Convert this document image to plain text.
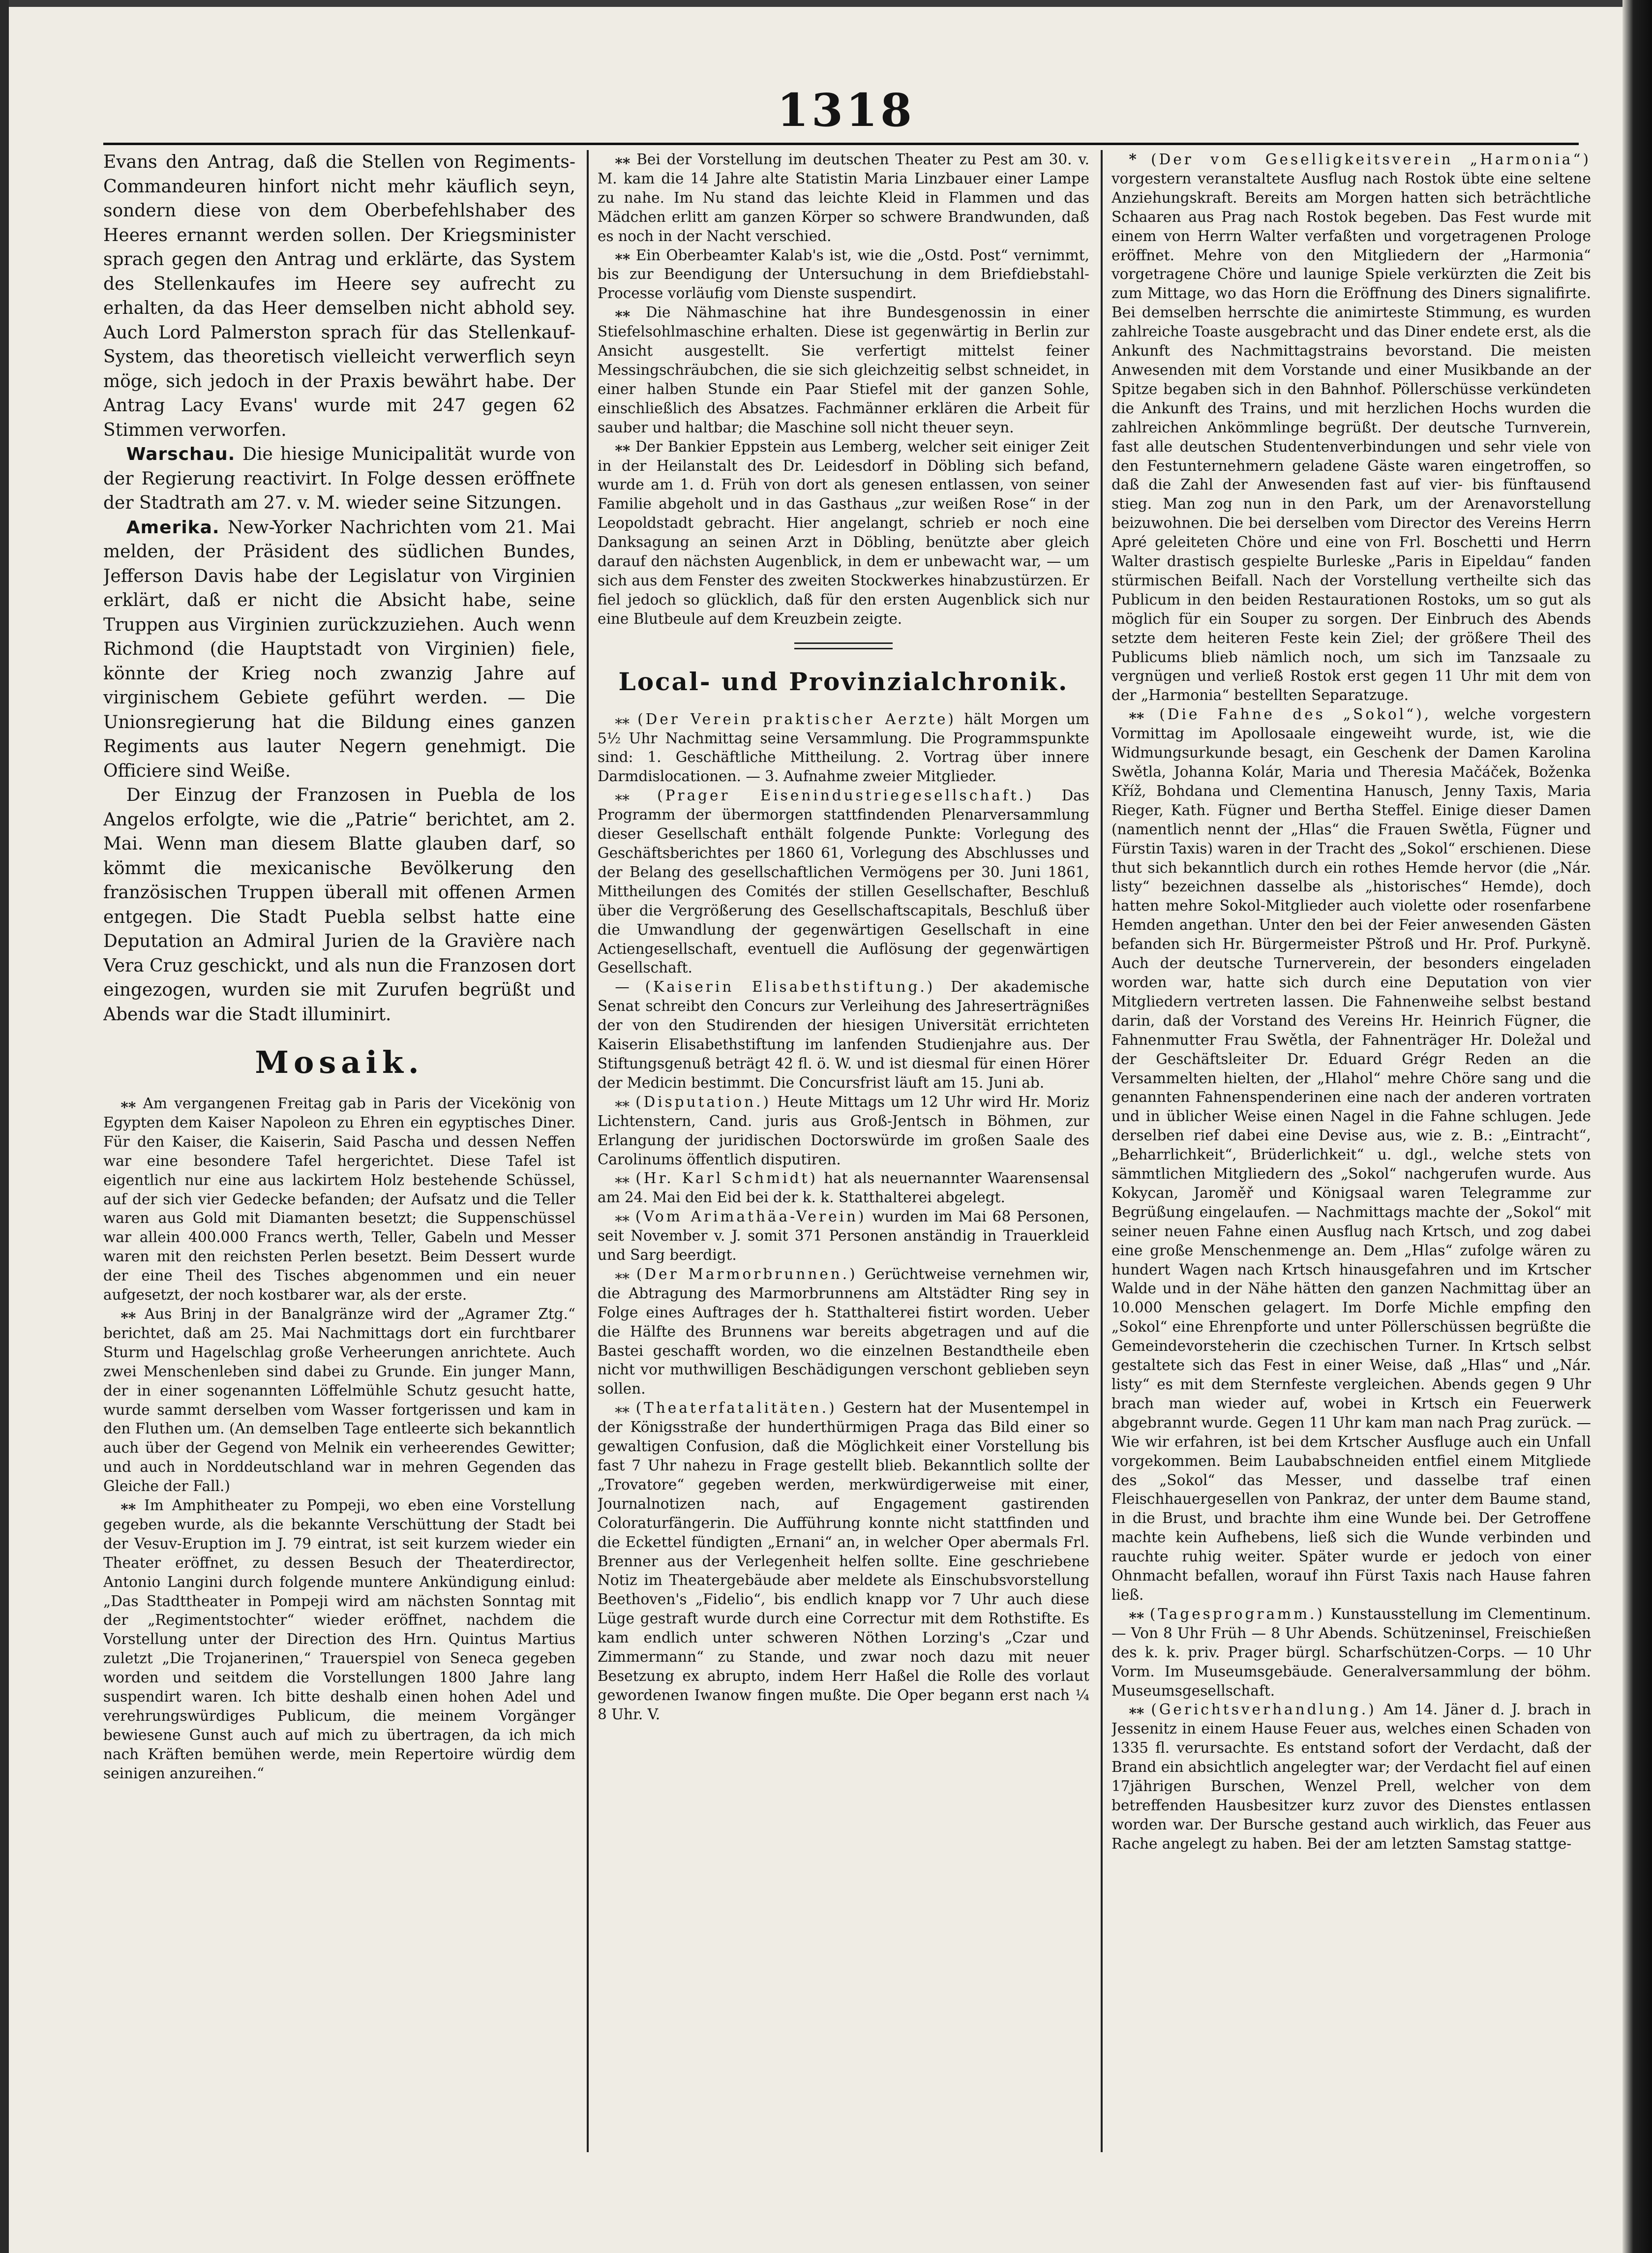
1318

Evans den Antrag, daß die Stellen von Regiments-Commandeuren hinfort nicht mehr käuflich seyn, sondern diese von dem Oberbefehlshaber des Heeres ernannt werden sollen. Der Kriegsminister sprach gegen den Antrag und erklärte, das System des Stellenkaufes im Heere sey aufrecht zu erhalten, da das Heer demselben nicht abhold sey. Auch Lord Palmerston sprach für das Stellenkauf-System, das theoretisch vielleicht verwerflich seyn möge, sich jedoch in der Praxis bewährt habe. Der Antrag Lacy Evans' wurde mit 247 gegen 62 Stimmen verworfen.

Warschau. Die hiesige Municipalität wurde von der Regierung reactivirt. In Folge dessen eröffnete der Stadtrath am 27. v. M. wieder seine Sitzungen.

Amerika. New-Yorker Nachrichten vom 21. Mai melden, der Präsident des südlichen Bundes, Jefferson Davis habe der Legislatur von Virginien erklärt, daß er nicht die Absicht habe, seine Truppen aus Virginien zurückzuziehen. Auch wenn Richmond (die Hauptstadt von Virginien) fiele, könnte der Krieg noch zwanzig Jahre auf virginischem Gebiete geführt werden. — Die Unionsregierung hat die Bildung eines ganzen Regiments aus lauter Negern genehmigt. Die Officiere sind Weiße.

Der Einzug der Franzosen in Puebla de los Angelos erfolgte, wie die „Patrie“ berichtet, am 2. Mai. Wenn man diesem Blatte glauben darf, so kömmt die mexicanische Bevölkerung den französischen Truppen überall mit offenen Armen entgegen. Die Stadt Puebla selbst hatte eine Deputation an Admiral Jurien de la Gravière nach Vera Cruz geschickt, und als nun die Franzosen dort eingezogen, wurden sie mit Zurufen begrüßt und Abends war die Stadt illuminirt.

Mosaik.

⁎⁎ Am vergangenen Freitag gab in Paris der Vicekönig von Egypten dem Kaiser Napoleon zu Ehren ein egyptisches Diner. Für den Kaiser, die Kaiserin, Said Pascha und dessen Neffen war eine besondere Tafel hergerichtet. Diese Tafel ist eigentlich nur eine aus lackirtem Holz bestehende Schüssel, auf der sich vier Gedecke befanden; der Aufsatz und die Teller waren aus Gold mit Diamanten besetzt; die Suppenschüssel war allein 400.000 Francs werth, Teller, Gabeln und Messer waren mit den reichsten Perlen besetzt. Beim Dessert wurde der eine Theil des Tisches abgenommen und ein neuer aufgesetzt, der noch kostbarer war, als der erste.

⁎⁎ Aus Brinj in der Banalgränze wird der „Agramer Ztg.“ berichtet, daß am 25. Mai Nachmittags dort ein furchtbarer Sturm und Hagelschlag große Verheerungen anrichtete. Auch zwei Menschenleben sind dabei zu Grunde. Ein junger Mann, der in einer sogenannten Löffelmühle Schutz gesucht hatte, wurde sammt derselben vom Wasser fortgerissen und kam in den Fluthen um. (An demselben Tage entleerte sich bekanntlich auch über der Gegend von Melnik ein verheerendes Gewitter; und auch in Norddeutschland war in mehren Gegenden das Gleiche der Fall.)

⁎⁎ Im Amphitheater zu Pompeji, wo eben eine Vorstellung gegeben wurde, als die bekannte Verschüttung der Stadt bei der Vesuv-Eruption im J. 79 eintrat, ist seit kurzem wieder ein Theater eröffnet, zu dessen Besuch der Theaterdirector, Antonio Langini durch folgende muntere Ankündigung einlud: „Das Stadttheater in Pompeji wird am nächsten Sonntag mit der „Regimentstochter“ wieder eröffnet, nachdem die Vorstellung unter der Direction des Hrn. Quintus Martius zuletzt „Die Trojanerinen,“ Trauerspiel von Seneca gegeben worden und seitdem die Vorstellungen 1800 Jahre lang suspendirt waren. Ich bitte deshalb einen hohen Adel und verehrungswürdiges Publicum, die meinem Vorgänger bewiesene Gunst auch auf mich zu übertragen, da ich mich nach Kräften bemühen werde, mein Repertoire würdig dem seinigen anzureihen.“

⁎⁎ Bei der Vorstellung im deutschen Theater zu Pest am 30. v. M. kam die 14 Jahre alte Statistin Maria Linzbauer einer Lampe zu nahe. Im Nu stand das leichte Kleid in Flammen und das Mädchen erlitt am ganzen Körper so schwere Brandwunden, daß es noch in der Nacht verschied.

⁎⁎ Ein Oberbeamter Kalab's ist, wie die „Ostd. Post“ vernimmt, bis zur Beendigung der Untersuchung in dem Briefdiebstahl-Processe vorläufig vom Dienste suspendirt.

⁎⁎ Die Nähmaschine hat ihre Bundesgenossin in einer Stiefelsohlmaschine erhalten. Diese ist gegenwärtig in Berlin zur Ansicht ausgestellt. Sie verfertigt mittelst feiner Messingschräubchen, die sie sich gleichzeitig selbst schneidet, in einer halben Stunde ein Paar Stiefel mit der ganzen Sohle, einschließlich des Absatzes. Fachmänner erklären die Arbeit für sauber und haltbar; die Maschine soll nicht theuer seyn.

⁎⁎ Der Bankier Eppstein aus Lemberg, welcher seit einiger Zeit in der Heilanstalt des Dr. Leidesdorf in Döbling sich befand, wurde am 1. d. Früh von dort als genesen entlassen, von seiner Familie abgeholt und in das Gasthaus „zur weißen Rose“ in der Leopoldstadt gebracht. Hier angelangt, schrieb er noch eine Danksagung an seinen Arzt in Döbling, benützte aber gleich darauf den nächsten Augenblick, in dem er unbewacht war, — um sich aus dem Fenster des zweiten Stockwerkes hinabzustürzen. Er fiel jedoch so glücklich, daß für den ersten Augenblick sich nur eine Blutbeule auf dem Kreuzbein zeigte.

Local- und Provinzialchronik.

⁎⁎ (Der Verein praktischer Aerzte) hält Morgen um 5½ Uhr Nachmittag seine Versammlung. Die Programmspunkte sind: 1. Geschäftliche Mittheilung. 2. Vortrag über innere Darmdislocationen. — 3. Aufnahme zweier Mitglieder.

⁎⁎ (Prager Eisenindustriegesellschaft.) Das Programm der übermorgen stattfindenden Plenarversammlung dieser Gesellschaft enthält folgende Punkte: Vorlegung des Geschäftsberichtes per 1860 61, Vorlegung des Abschlusses und der Belang des gesellschaftlichen Vermögens per 30. Juni 1861, Mittheilungen des Comités der stillen Gesellschafter, Beschluß über die Vergrößerung des Gesellschaftscapitals, Beschluß über die Umwandlung der gegenwärtigen Gesellschaft in eine Actiengesellschaft, eventuell die Auflösung der gegenwärtigen Gesellschaft.

— (Kaiserin Elisabethstiftung.) Der akademische Senat schreibt den Concurs zur Verleihung des Jahreserträgnißes der von den Studirenden der hiesigen Universität errichteten Kaiserin Elisabethstiftung im lanfenden Studienjahre aus. Der Stiftungsgenuß beträgt 42 fl. ö. W. und ist diesmal für einen Hörer der Medicin bestimmt. Die Concursfrist läuft am 15. Juni ab.

⁎⁎ (Disputation.) Heute Mittags um 12 Uhr wird Hr. Moriz Lichtenstern, Cand. juris aus Groß-Jentsch in Böhmen, zur Erlangung der juridischen Doctorswürde im großen Saale des Carolinums öffentlich disputiren.

⁎⁎ (Hr. Karl Schmidt) hat als neuernannter Waarensensal am 24. Mai den Eid bei der k. k. Statthalterei abgelegt.

⁎⁎ (Vom Arimathäa-Verein) wurden im Mai 68 Personen, seit November v. J. somit 371 Personen anständig in Trauerkleid und Sarg beerdigt.

⁎⁎ (Der Marmorbrunnen.) Gerüchtweise vernehmen wir, die Abtragung des Marmorbrunnens am Altstädter Ring sey in Folge eines Auftrages der h. Statthalterei fistirt worden. Ueber die Hälfte des Brunnens war bereits abgetragen und auf die Bastei geschafft worden, wo die einzelnen Bestandtheile eben nicht vor muthwilligen Beschädigungen verschont geblieben seyn sollen.

⁎⁎ (Theaterfatalitäten.) Gestern hat der Musentempel in der Königsstraße der hunderthürmigen Praga das Bild einer so gewaltigen Confusion, daß die Möglichkeit einer Vorstellung bis fast 7 Uhr nahezu in Frage gestellt blieb. Bekanntlich sollte der „Trovatore“ gegeben werden, merkwürdigerweise mit einer, Journalnotizen nach, auf Engagement gastirenden Coloraturfängerin. Die Aufführung konnte nicht stattfinden und die Eckettel fündigten „Ernani“ an, in welcher Oper abermals Frl. Brenner aus der Verlegenheit helfen sollte. Eine geschriebene Notiz im Theatergebäude aber meldete als Einschubsvorstellung Beethoven's „Fidelio“, bis endlich knapp vor 7 Uhr auch diese Lüge gestraft wurde durch eine Correctur mit dem Rothstifte. Es kam endlich unter schweren Nöthen Lorzing's „Czar und Zimmermann“ zu Stande, und zwar noch dazu mit neuer Besetzung ex abrupto, indem Herr Haßel die Rolle des vorlaut gewordenen Iwanow fingen mußte. Die Oper begann erst nach ¼ 8 Uhr. V.

* (Der vom Geselligkeitsverein „Harmonia“) vorgestern veranstaltete Ausflug nach Rostok übte eine seltene Anziehungskraft. Bereits am Morgen hatten sich beträchtliche Schaaren aus Prag nach Rostok begeben. Das Fest wurde mit einem von Herrn Walter verfaßten und vorgetragenen Prologe eröffnet. Mehre von den Mitgliedern der „Harmonia“ vorgetragene Chöre und launige Spiele verkürzten die Zeit bis zum Mittage, wo das Horn die Eröffnung des Diners signalifirte. Bei demselben herrschte die animirteste Stimmung, es wurden zahlreiche Toaste ausgebracht und das Diner endete erst, als die Ankunft des Nachmittagstrains bevorstand. Die meisten Anwesenden mit dem Vorstande und einer Musikbande an der Spitze begaben sich in den Bahnhof. Pöllerschüsse verkündeten die Ankunft des Trains, und mit herzlichen Hochs wurden die zahlreichen Ankömmlinge begrüßt. Der deutsche Turnverein, fast alle deutschen Studentenverbindungen und sehr viele von den Festunternehmern geladene Gäste waren eingetroffen, so daß die Zahl der Anwesenden fast auf vier- bis fünftausend stieg. Man zog nun in den Park, um der Arenavorstellung beizuwohnen. Die bei derselben vom Director des Vereins Herrn Apré geleiteten Chöre und eine von Frl. Boschetti und Herrn Walter drastisch gespielte Burleske „Paris in Eipeldau“ fanden stürmischen Beifall. Nach der Vorstellung vertheilte sich das Publicum in den beiden Restaurationen Rostoks, um so gut als möglich für ein Souper zu sorgen. Der Einbruch des Abends setzte dem heiteren Feste kein Ziel; der größere Theil des Publicums blieb nämlich noch, um sich im Tanzsaale zu vergnügen und verließ Rostok erst gegen 11 Uhr mit dem von der „Harmonia“ bestellten Separatzuge.

⁎⁎ (Die Fahne des „Sokol“), welche vorgestern Vormittag im Apollosaale eingeweiht wurde, ist, wie die Widmungsurkunde besagt, ein Geschenk der Damen Karolina Swětla, Johanna Kolár, Maria und Theresia Mačáček, Boženka Kříž, Bohdana und Clementina Hanusch, Jenny Taxis, Maria Rieger, Kath. Fügner und Bertha Steffel. Einige dieser Damen (namentlich nennt der „Hlas“ die Frauen Swětla, Fügner und Fürstin Taxis) waren in der Tracht des „Sokol“ erschienen. Diese thut sich bekanntlich durch ein rothes Hemde hervor (die „Nár. listy“ bezeichnen dasselbe als „historisches“ Hemde), doch hatten mehre Sokol-Mitglieder auch violette oder rosenfarbene Hemden angethan. Unter den bei der Feier anwesenden Gästen befanden sich Hr. Bürgermeister Pštroß und Hr. Prof. Purkyně. Auch der deutsche Turnerverein, der besonders eingeladen worden war, hatte sich durch eine Deputation von vier Mitgliedern vertreten lassen. Die Fahnenweihe selbst bestand darin, daß der Vorstand des Vereins Hr. Heinrich Fügner, die Fahnenmutter Frau Swětla, der Fahnenträger Hr. Doležal und der Geschäftsleiter Dr. Eduard Grégr Reden an die Versammelten hielten, der „Hlahol“ mehre Chöre sang und die genannten Fahnenspenderinen eine nach der anderen vortraten und in üblicher Weise einen Nagel in die Fahne schlugen. Jede derselben rief dabei eine Devise aus, wie z. B.: „Eintracht“, „Beharrlichkeit“, Brüderlichkeit“ u. dgl., welche stets von sämmtlichen Mitgliedern des „Sokol“ nachgerufen wurde. Aus Kokycan, Jaroměř und Königsaal waren Telegramme zur Begrüßung eingelaufen. — Nachmittags machte der „Sokol“ mit seiner neuen Fahne einen Ausflug nach Krtsch, und zog dabei eine große Menschenmenge an. Dem „Hlas“ zufolge wären zu hundert Wagen nach Krtsch hinausgefahren und im Krtscher Walde und in der Nähe hätten den ganzen Nachmittag über an 10.000 Menschen gelagert. Im Dorfe Michle empfing den „Sokol“ eine Ehrenpforte und unter Pöllerschüssen begrüßte die Gemeindevorsteherin die czechischen Turner. In Krtsch selbst gestaltete sich das Fest in einer Weise, daß „Hlas“ und „Nár. listy“ es mit dem Sternfeste vergleichen. Abends gegen 9 Uhr brach man wieder auf, wobei in Krtsch ein Feuerwerk abgebrannt wurde. Gegen 11 Uhr kam man nach Prag zurück. — Wie wir erfahren, ist bei dem Krtscher Ausfluge auch ein Unfall vorgekommen. Beim Laubabschneiden entfiel einem Mitgliede des „Sokol“ das Messer, und dasselbe traf einen Fleischhauergesellen von Pankraz, der unter dem Baume stand, in die Brust, und brachte ihm eine Wunde bei. Der Getroffene machte kein Aufhebens, ließ sich die Wunde verbinden und rauchte ruhig weiter. Später wurde er jedoch von einer Ohnmacht befallen, worauf ihn Fürst Taxis nach Hause fahren ließ.

⁎⁎ (Tagesprogramm.) Kunstausstellung im Clementinum. — Von 8 Uhr Früh — 8 Uhr Abends. Schützeninsel, Freischießen des k. k. priv. Prager bürgl. Scharfschützen-Corps. — 10 Uhr Vorm. Im Museumsgebäude. Generalversammlung der böhm. Museumsgesellschaft.

⁎⁎ (Gerichtsverhandlung.) Am 14. Jäner d. J. brach in Jessenitz in einem Hause Feuer aus, welches einen Schaden von 1335 fl. verursachte. Es entstand sofort der Verdacht, daß der Brand ein absichtlich angelegter war; der Verdacht fiel auf einen 17jährigen Burschen, Wenzel Prell, welcher von dem betreffenden Hausbesitzer kurz zuvor des Dienstes entlassen worden war. Der Bursche gestand auch wirklich, das Feuer aus Rache angelegt zu haben. Bei der am letzten Samstag stattge-
